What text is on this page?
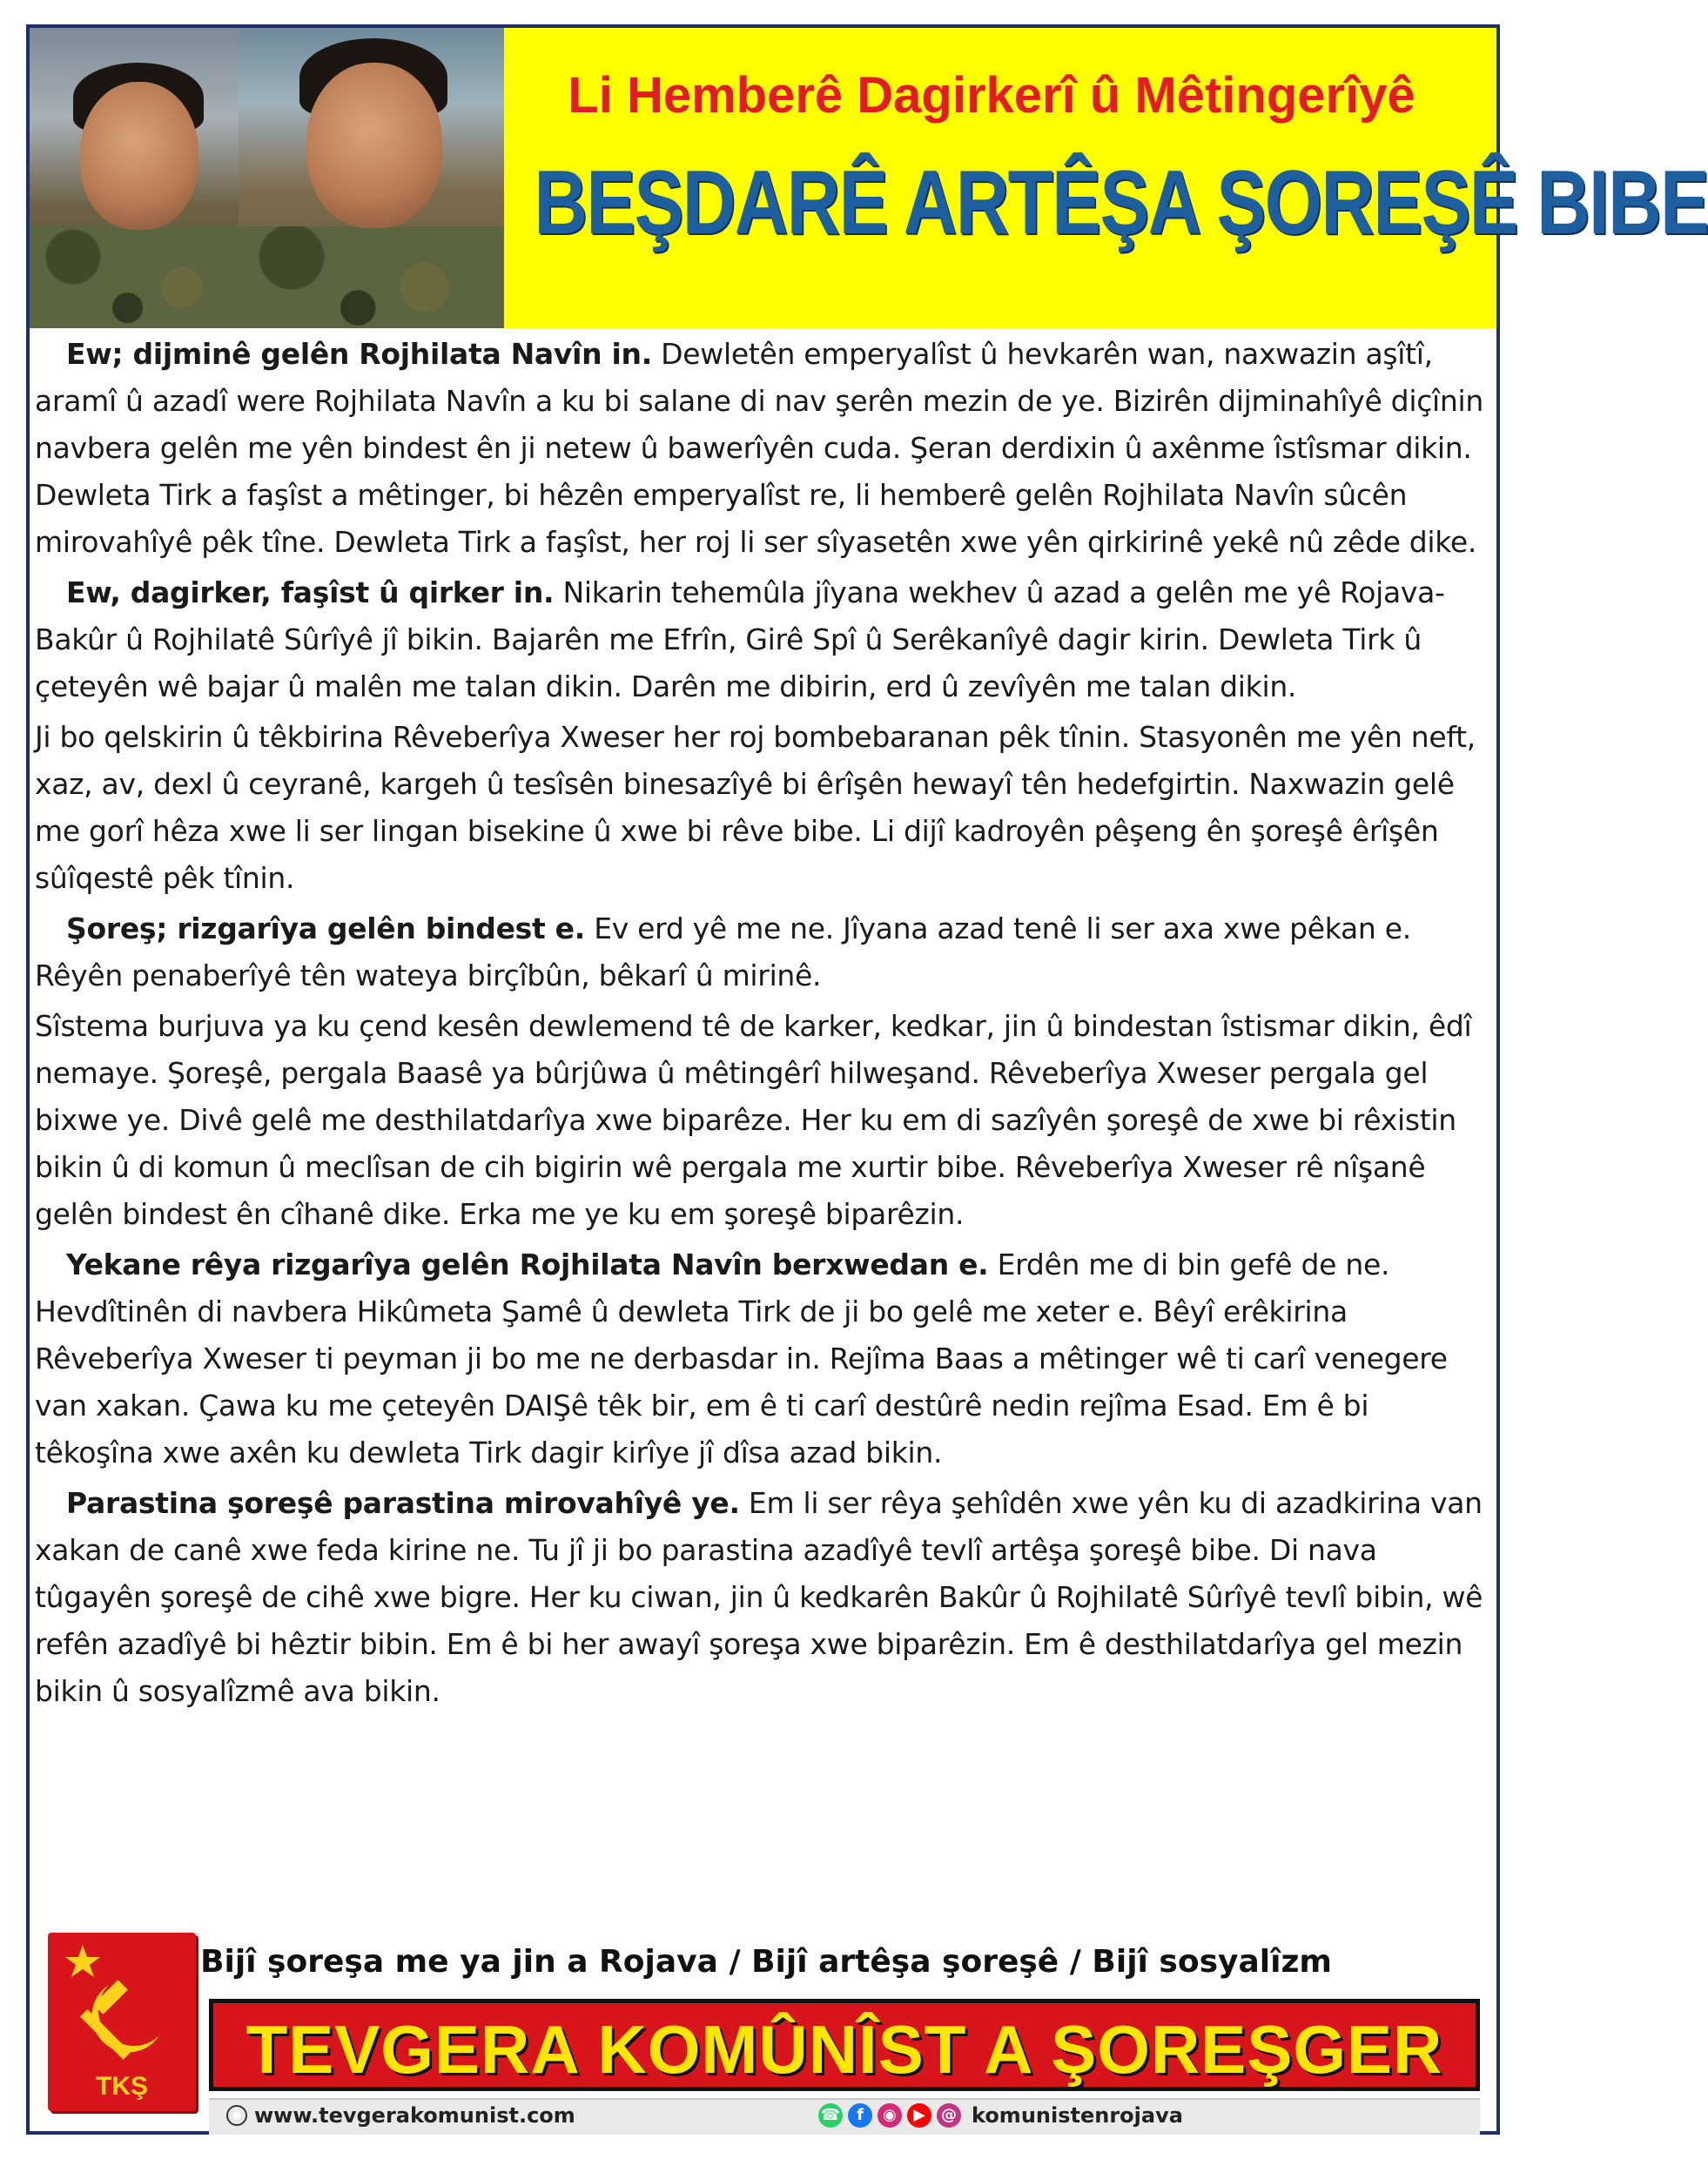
Li Hemberê Dagirkerî û Mêtingerîyê
BEŞDARÊ ARTÊŞA ŞOREŞÊ BIBE

Ew; dijminê gelên Rojhilata Navîn in. Dewletên emperyalîst û hevkarên wan, naxwazin aşîtî, aramî û azadî were Rojhilata Navîn a ku bi salane di nav şerên mezin de ye. Bizirên dijminahîyê diçînin navbera gelên me yên bindest ên ji netew û bawerîyên cuda. Şeran derdixin û axênme îstîsmar dikin. Dewleta Tirk a faşîst a mêtinger, bi hêzên emperyalîst re, li hemberê gelên Rojhilata Navîn sûcên mirovahîyê pêk tîne. Dewleta Tirk a faşîst, her roj li ser sîyasetên xwe yên qirkirinê yekê nû zêde dike.

Ew, dagirker, faşîst û qirker in. Nikarin tehemûla jîyana wekhev û azad a gelên me yê Rojava-Bakûr û Rojhilatê Sûrîyê jî bikin. Bajarên me Efrîn, Girê Spî û Serêkanîyê dagir kirin. Dewleta Tirk û çeteyên wê bajar û malên me talan dikin. Darên me dibirin, erd û zevîyên me talan dikin.

Ji bo qelskirin û têkbirina Rêveberîya Xweser her roj bombebaranan pêk tînin. Stasyonên me yên neft, xaz, av, dexl û ceyranê, kargeh û tesîsên binesazîyê bi êrîşên hewayî tên hedefgirtin. Naxwazin gelê me gorî hêza xwe li ser lingan bisekine û xwe bi rêve bibe. Li dijî kadroyên pêşeng ên şoreşê êrîşên sûîqestê pêk tînin.

Şoreş; rizgarîya gelên bindest e. Ev erd yê me ne. Jîyana azad tenê li ser axa xwe pêkan e. Rêyên penaberîyê tên wateya birçîbûn, bêkarî û mirinê.

Sîstema burjuva ya ku çend kesên dewlemend tê de karker, kedkar, jin û bindestan îstismar dikin, êdî nemaye. Şoreşê, pergala Baasê ya bûrjûwa û mêtingêrî hilweşand. Rêveberîya Xweser pergala gel bixwe ye. Divê gelê me desthilatdarîya xwe biparêze. Her ku em di sazîyên şoreşê de xwe bi rêxistin bikin û di komun û meclîsan de cih bigirin wê pergala me xurtir bibe. Rêveberîya Xweser rê nîşanê gelên bindest ên cîhanê dike. Erka me ye ku em şoreşê biparêzin.

Yekane rêya rizgarîya gelên Rojhilata Navîn berxwedan e. Erdên me di bin gefê de ne. Hevdîtinên di navbera Hikûmeta Şamê û dewleta Tirk de ji bo gelê me xeter e. Bêyî erêkirina Rêveberîya Xweser ti peyman ji bo me ne derbasdar in. Rejîma Baas a mêtinger wê ti carî venegere van xakan. Çawa ku me çeteyên DAIŞê têk bir, em ê ti carî destûrê nedin rejîma Esad. Em ê bi têkoşîna xwe axên ku dewleta Tirk dagir kirîye jî dîsa azad bikin.

Parastina şoreşê parastina mirovahîyê ye. Em li ser rêya şehîdên xwe yên ku di azadkirina van xakan de canê xwe feda kirine ne. Tu jî ji bo parastina azadîyê tevlî artêşa şoreşê bibe. Di nava tûgayên şoreşê de cihê xwe bigre. Her ku ciwan, jin û kedkarên Bakûr û Rojhilatê Sûrîyê tevlî bibin, wê refên azadîyê bi hêztir bibin. Em ê bi her awayî şoreşa xwe biparêzin. Em ê desthilatdarîya gel mezin bikin û sosyalîzmê ava bikin.

TKŞ
Bijî şoreşa me ya jin a Rojava / Bijî artêşa şoreşê / Bijî sosyalîzm
TEVGERA KOMÛNÎST A ŞOREŞGER
www.tevgerakomunist.com	☎ f ◉ ▶ @ komunistenrojava
